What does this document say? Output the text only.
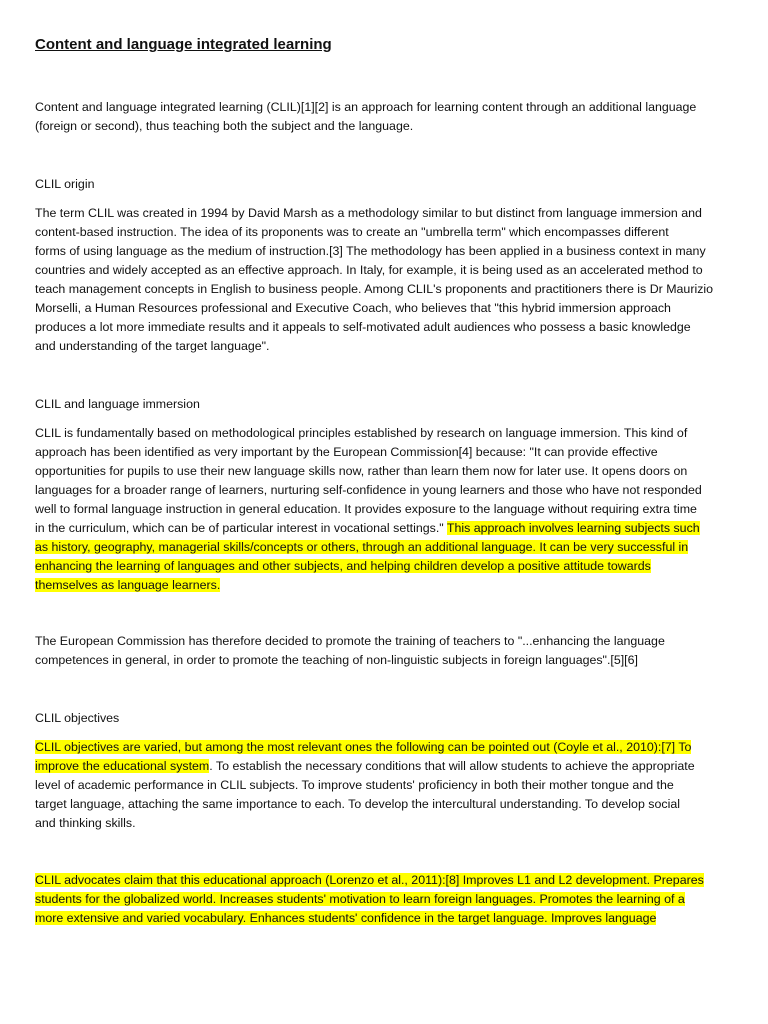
Content and language integrated learning
Content and language integrated learning (CLIL)[1][2] is an approach for learning content through an additional language
(foreign or second), thus teaching both the subject and the language.
CLIL origin
The term CLIL was created in 1994 by David Marsh as a methodology similar to but distinct from language immersion and
content-based instruction. The idea of its proponents was to create an "umbrella term" which encompasses different
forms of using language as the medium of instruction.[3] The methodology has been applied in a business context in many
countries and widely accepted as an effective approach. In Italy, for example, it is being used as an accelerated method to
teach management concepts in English to business people. Among CLIL's proponents and practitioners there is Dr Maurizio
Morselli, a Human Resources professional and Executive Coach, who believes that "this hybrid immersion approach
produces a lot more immediate results and it appeals to self-motivated adult audiences who possess a basic knowledge
and understanding of the target language".
CLIL and language immersion
CLIL is fundamentally based on methodological principles established by research on language immersion. This kind of
approach has been identified as very important by the European Commission[4] because: "It can provide effective
opportunities for pupils to use their new language skills now, rather than learn them now for later use. It opens doors on
languages for a broader range of learners, nurturing self-confidence in young learners and those who have not responded
well to formal language instruction in general education. It provides exposure to the language without requiring extra time
in the curriculum, which can be of particular interest in vocational settings." This approach involves learning subjects such
as history, geography, managerial skills/concepts or others, through an additional language. It can be very successful in
enhancing the learning of languages and other subjects, and helping children develop a positive attitude towards
themselves as language learners.
The European Commission has therefore decided to promote the training of teachers to "...enhancing the language
competences in general, in order to promote the teaching of non-linguistic subjects in foreign languages".[5][6]
CLIL objectives
CLIL objectives are varied, but among the most relevant ones the following can be pointed out (Coyle et al., 2010):[7] To
improve the educational system. To establish the necessary conditions that will allow students to achieve the appropriate
level of academic performance in CLIL subjects. To improve students' proficiency in both their mother tongue and the
target language, attaching the same importance to each. To develop the intercultural understanding. To develop social
and thinking skills.
CLIL advocates claim that this educational approach (Lorenzo et al., 2011):[8] Improves L1 and L2 development. Prepares
students for the globalized world. Increases students' motivation to learn foreign languages. Promotes the learning of a
more extensive and varied vocabulary. Enhances students' confidence in the target language. Improves language
